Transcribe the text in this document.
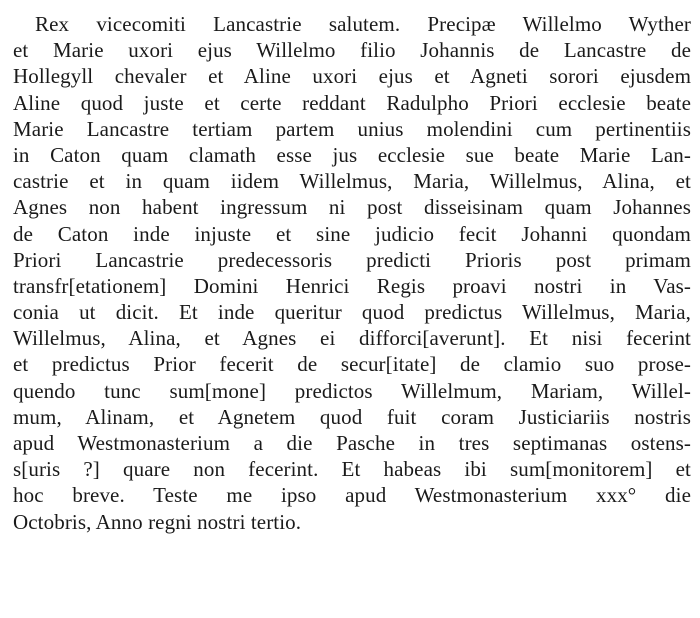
Rex vicecomiti Lancastrie salutem. Precipæ Willelmo Wyther
et Marie uxori ejus Willelmo filio Johannis de Lancastre de
Hollegyll chevaler et Aline uxori ejus et Agneti sorori ejusdem
Aline quod juste et certe reddant Radulpho Priori ecclesie beate
Marie Lancastre tertiam partem unius molendini cum pertinentiis
in Caton quam clamath esse jus ecclesie sue beate Marie Lan-
castrie et in quam iidem Willelmus, Maria, Willelmus, Alina, et
Agnes non habent ingressum ni post disseisinam quam Johannes
de Caton inde injuste et sine judicio fecit Johanni quondam
Priori Lancastrie predecessoris predicti Prioris post primam
transfr[etationem] Domini Henrici Regis proavi nostri in Vas-
conia ut dicit. Et inde queritur quod predictus Willelmus, Maria,
Willelmus, Alina, et Agnes ei difforci[averunt]. Et nisi fecerint
et predictus Prior fecerit de secur[itate] de clamio suo prose-
quendo tunc sum[mone] predictos Willelmum, Mariam, Willel-
mum, Alinam, et Agnetem quod fuit coram Justiciariis nostris
apud Westmonasterium a die Pasche in tres septimanas ostens-
s[uris ?] quare non fecerint. Et habeas ibi sum[monitorem] et
hoc breve. Teste me ipso apud Westmonasterium xxx° die
Octobris, Anno regni nostri tertio.
